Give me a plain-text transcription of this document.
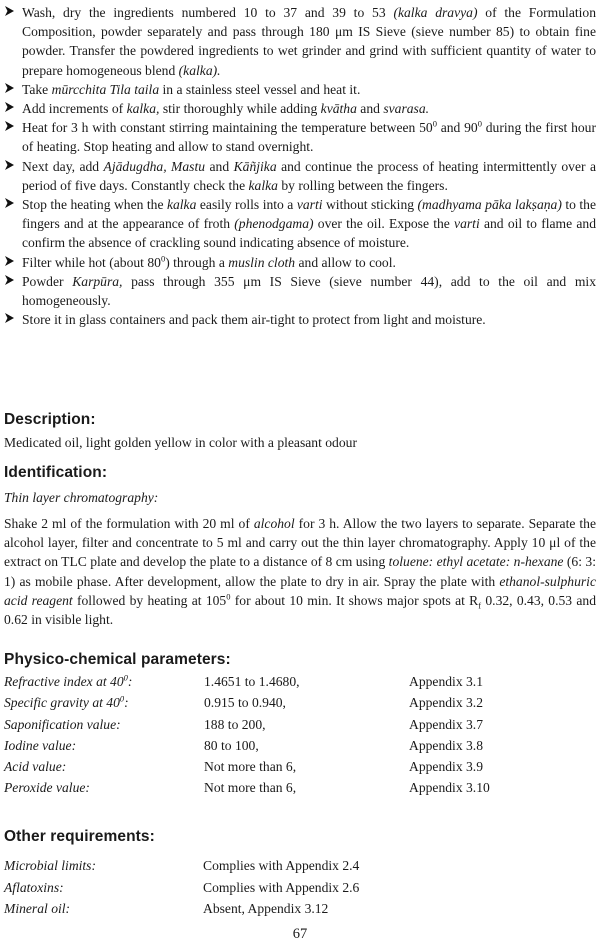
Wash, dry the ingredients numbered 10 to 37 and 39 to 53 (kalka dravya) of the Formulation Composition, powder separately and pass through 180 μm IS Sieve (sieve number 85) to obtain fine powder. Transfer the powdered ingredients to wet grinder and grind with sufficient quantity of water to prepare homogeneous blend (kalka).
Take mūrcchita Tila taila in a stainless steel vessel and heat it.
Add increments of kalka, stir thoroughly while adding kvātha and svarasa.
Heat for 3 h with constant stirring maintaining the temperature between $50^0$ and $90^0$ during the first hour of heating. Stop heating and allow to stand overnight.
Next day, add Ajādugdha, Mastu and Kāñjika and continue the process of heating intermittently over a period of five days. Constantly check the kalka by rolling between the fingers.
Stop the heating when the kalka easily rolls into a varti without sticking (madhyama pāka lakṣaṇa) to the fingers and at the appearance of froth (phenodgama) over the oil. Expose the varti and oil to flame and confirm the absence of crackling sound indicating absence of moisture.
Filter while hot (about $80^0$) through a muslin cloth and allow to cool.
Powder Karpūra, pass through 355 μm IS Sieve (sieve number 44), add to the oil and mix homogeneously.
Store it in glass containers and pack them air-tight to protect from light and moisture.
Description:

Medicated oil, light golden yellow in color with a pleasant odour

Identification:

Thin layer chromatography:

Shake 2 ml of the formulation with 20 ml of alcohol for 3 h. Allow the two layers to separate. Separate the alcohol layer, filter and concentrate to 5 ml and carry out the thin layer chromatography. Apply 10 μl of the extract on TLC plate and develop the plate to a distance of 8 cm using toluene: ethyl acetate: n-hexane (6: 3: 1) as mobile phase. After development, allow the plate to dry in air. Spray the plate with ethanol-sulphuric acid reagent followed by heating at $105^0$ for about 10 min. It shows major spots at $R_f$ 0.32, 0.43, 0.53 and 0.62 in visible light.

Physico-chemical parameters:
Refractive index at $40^0$:	1.4651 to 1.4680,	Appendix 3.1
Specific gravity at $40^0$:	0.915 to 0.940,	Appendix 3.2
Saponification value:	188 to 200,	Appendix 3.7
Iodine value:	80 to 100,	Appendix 3.8
Acid value:	Not more than 6,	Appendix 3.9
Peroxide value:	Not more than 6,	Appendix 3.10
Other requirements:
Microbial limits:	Complies with Appendix 2.4
Aflatoxins:	Complies with Appendix 2.6
Mineral oil:	Absent, Appendix 3.12
67
